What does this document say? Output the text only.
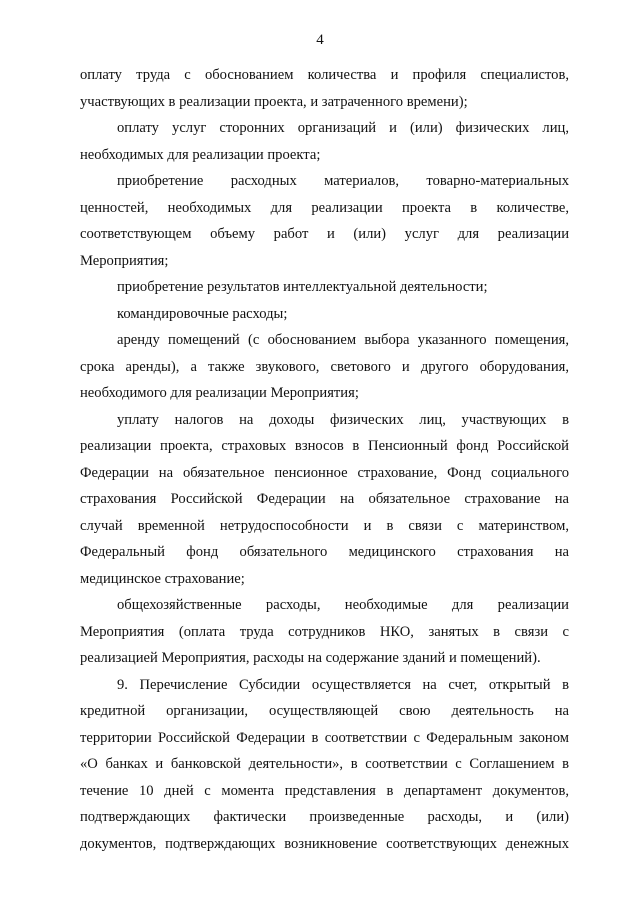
4
оплату труда с обоснованием количества и профиля специалистов,
участвующих в реализации проекта, и затраченного времени);
оплату услуг сторонних организаций и (или) физических лиц,
необходимых для реализации проекта;
приобретение расходных материалов, товарно-материальных
ценностей, необходимых для реализации проекта в количестве,
соответствующем объему работ и (или) услуг для реализации
Мероприятия;
приобретение результатов интеллектуальной деятельности;
командировочные расходы;
аренду помещений (с обоснованием выбора указанного помещения,
срока аренды), а также звукового, светового и другого оборудования,
необходимого для реализации Мероприятия;
уплату налогов на доходы физических лиц, участвующих в
реализации проекта, страховых взносов в Пенсионный фонд Российской
Федерации на обязательное пенсионное страхование, Фонд социального
страхования Российской Федерации на обязательное страхование на
случай временной нетрудоспособности и в связи с материнством,
Федеральный фонд обязательного медицинского страхования на
медицинское страхование;
общехозяйственные расходы, необходимые для реализации
Мероприятия (оплата труда сотрудников НКО, занятых в связи с
реализацией Мероприятия, расходы на содержание зданий и помещений).
9. Перечисление Субсидии осуществляется на счет, открытый в
кредитной организации, осуществляющей свою деятельность на
территории Российской Федерации в соответствии с Федеральным законом
«О банках и банковской деятельности», в соответствии с Соглашением в
течение 10 дней с момента представления в департамент документов,
подтверждающих фактически произведенные расходы, и (или)
документов, подтверждающих возникновение соответствующих денежных
